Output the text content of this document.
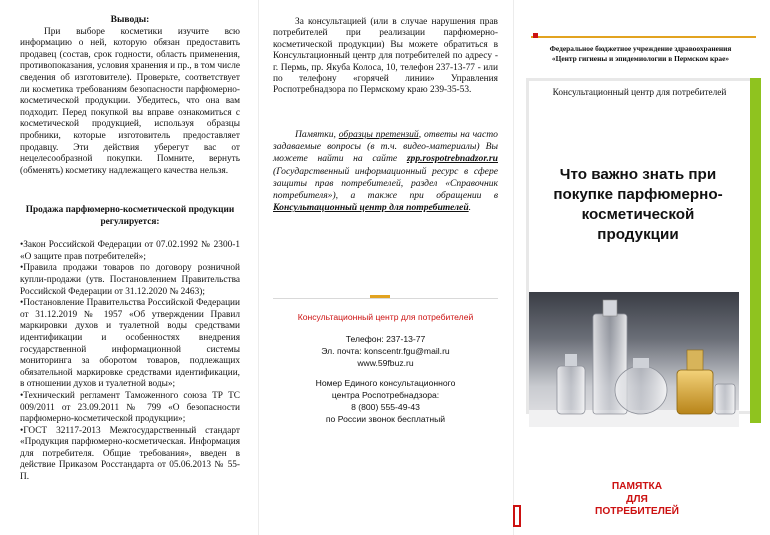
Выводы:

При выборе косметики изучите всю информацию о ней, которую обязан предоставить продавец (состав, срок годности, область применения, противопоказания, условия хранения и пр., в том числе сведения об изготовителе). Проверьте, соответствует ли косметика требованиям безопасности парфюмерно-косметической продукции. Убедитесь, что она вам подходит. Перед покупкой вы вправе ознакомиться с косметической продукцией, используя образцы пробники, которые изготовитель предоставляет продавцу. Эти действия уберегут вас от нецелесообразной покупки. Помните, вернуть (обменять) косметику надлежащего качества нельзя.

Продажа парфюмерно-косметической продукции регулируется:

•Закон Российской Федерации от 07.02.1992 № 2300-1 «О защите прав потребителей»;

•Правила продажи товаров по договору розничной купли-продажи (утв. Постановлением Правительства Российской Федерации от 31.12.2020 № 2463);

•Постановление Правительства Российской Федерации от 31.12.2019 № 1957 «Об утверждении Правил маркировки духов и туалетной воды средствами идентификации и особенностях внедрения государственной информационной системы мониторинга за оборотом товаров, подлежащих обязательной маркировке средствами идентификации, в отношении духов и туалетной воды»;

•Технический регламент Таможенного союза ТР ТС 009/2011 от 23.09.2011 № 799 «О безопасности парфюмерно-косметической продукции»;

•ГОСТ 32117-2013 Межгосударственный стандарт «Продукция парфюмерно-косметическая. Информация для потребителя. Общие требования», введен в действие Приказом Росстандарта от 05.06.2013 № 55-П.

За консультацией (или в случае нарушения прав потребителей при реализации парфюмерно-косметической продукции) Вы можете обратиться в Консультационный центр для потребителей по адресу - г. Пермь, пр. Якуба Колоса, 10, телефон 237-13-77 - или по телефону «горячей линии» Управления Роспотребнадзора по Пермскому краю 239-35-53.

Памятки, образцы претензий, ответы на часто задаваемые вопросы (в т.ч. видео-материалы) Вы можете найти на сайте zpp.rospotrebnadzor.ru (Государственный информационный ресурс в сфере защиты прав потребителей, раздел «Справочник потребителя»), а также при обращении в Консультационный центр для потребителей.

Консультационный центр для потребителей
Телефон: 237-13-77
Эл. почта: konscentr.fgu@mail.ru
www.59fbuz.ru
Номер Единого консультационного центра Роспотребнадзора:
8 (800) 555-49-43
по России звонок бесплатный
Федеральное бюджетное учреждение здравоохранения
«Центр гигиены и эпидемиологии в Пермском крае»
Консультационный центр для потребителей
Что важно знать при покупке парфюмерно-косметической продукции
ПАМЯТКА
ДЛЯ
ПОТРЕБИТЕЛЕЙ
